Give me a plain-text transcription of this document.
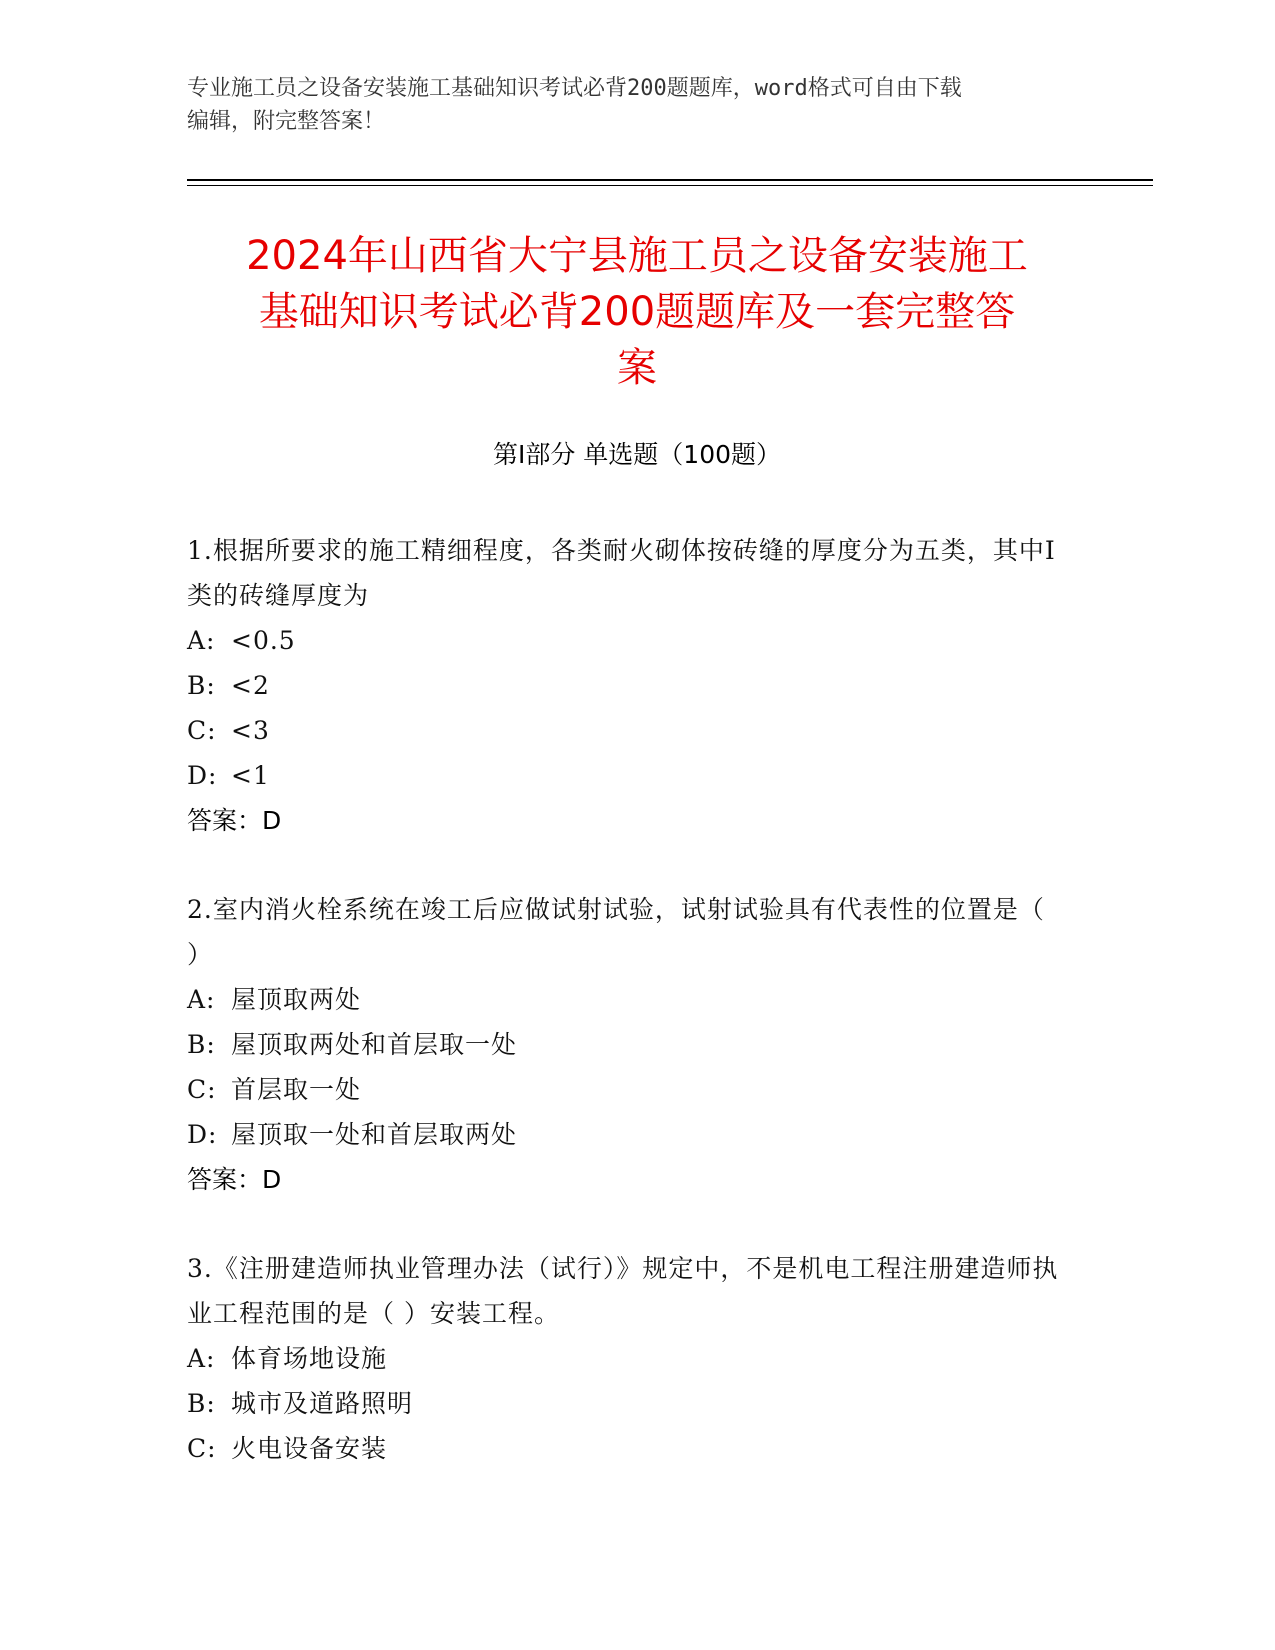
专业施工员之设备安装施工基础知识考试必背200题题库，word格式可自由下载
编辑，附完整答案！
2024年山西省大宁县施工员之设备安装施工
基础知识考试必背200题题库及一套完整答
案
第Ⅰ部分 单选题（100题）

1.根据所要求的施工精细程度，各类耐火砌体按砖缝的厚度分为五类，其中Ⅰ类的砖缝厚度为

A: <0.5

B: <2

C: <3

D: <1

答案：D

2.室内消火栓系统在竣工后应做试射试验，试射试验具有代表性的位置是（ ）

A: 屋顶取两处

B: 屋顶取两处和首层取一处

C: 首层取一处

D: 屋顶取一处和首层取两处

答案：D

3.《注册建造师执业管理办法（试行）》规定中，不是机电工程注册建造师执业工程范围的是（ ）安装工程。

A: 体育场地设施

B: 城市及道路照明

C: 火电设备安装
